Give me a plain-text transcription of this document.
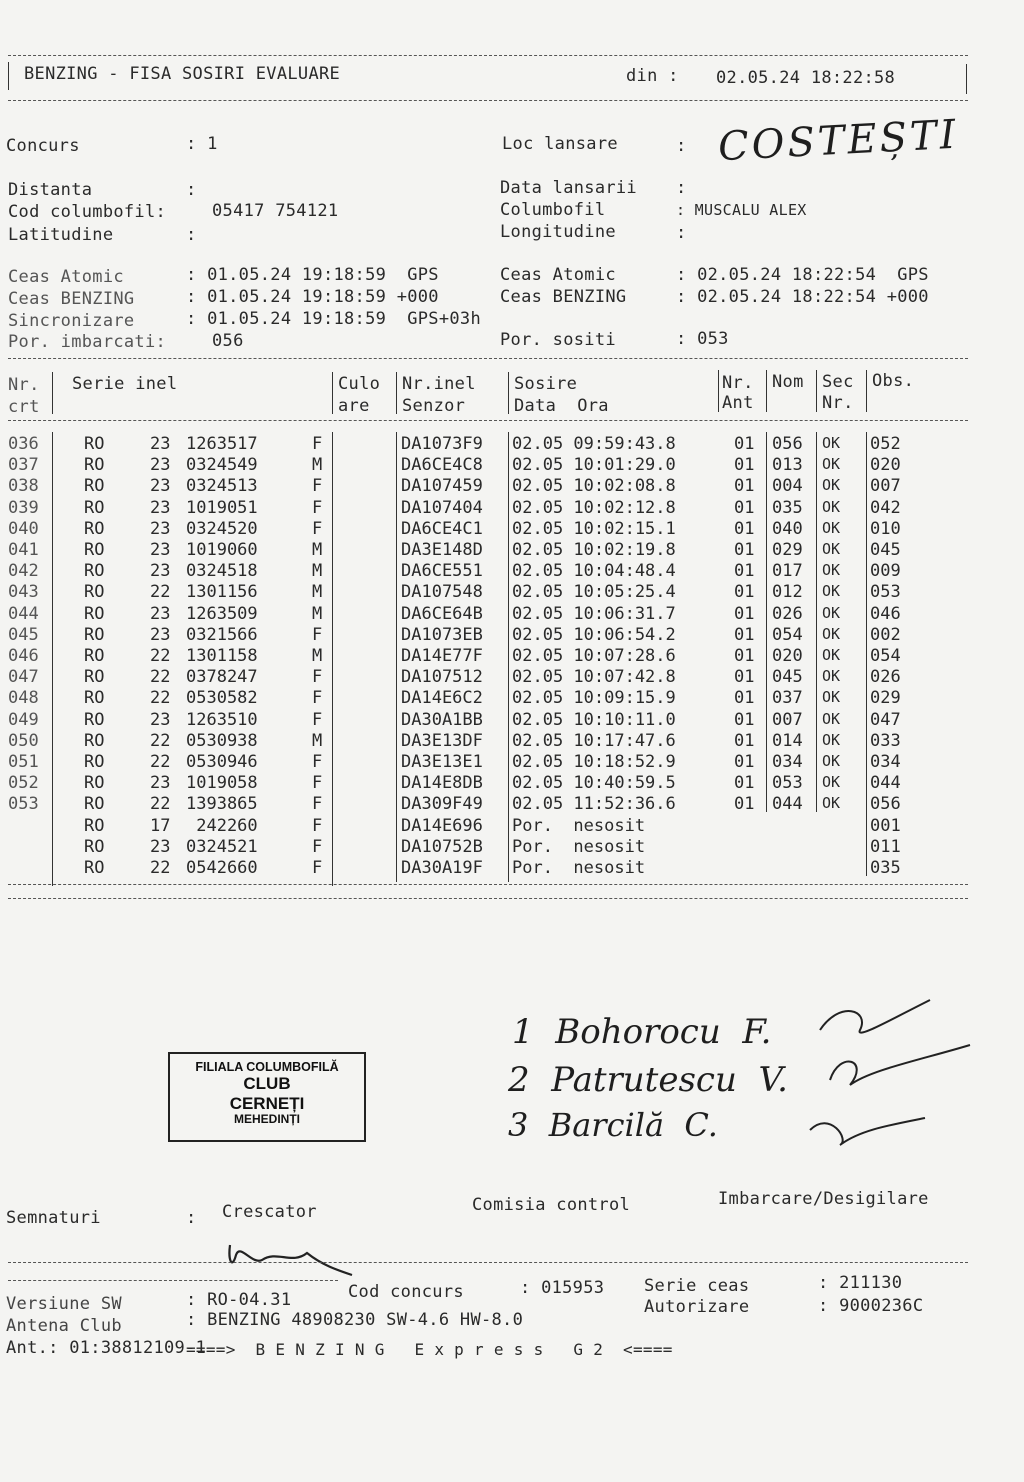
BENZING - FISA SOSIRI EVALUARE	din : 02.05.24 18:22:58
Concurs	: 1	Loc lansare	: COSTEȘTI
Distanta	:
Cod columbofil:	05417 754121
Latitudine	:
Data lansarii :
Columbofil	: MUSCALU ALEX
Longitudine	:
Ceas Atomic	: 01.05.24 19:18:59  GPS
Ceas BENZING	: 01.05.24 19:18:59 +000
Sincronizare	: 01.05.24 19:18:59  GPS+03h
Por. imbarcati:	056
Ceas Atomic	: 02.05.24 18:22:54  GPS
Ceas BENZING	: 02.05.24 18:22:54 +000
Por. sositi	: 053
Nr.
crt
Serie inel	Culo
are
Nr.inel
Senzor
Sosire
Data  Ora
Nr.
Ant
Nom Sec
Nr.
Obs.
036	RO	23 1263517	F	DA1073F9 02.05 09:59:43.8	01 056 OK 052
037	RO	23 0324549	M	DA6CE4C8 02.05 10:01:29.0	01 013 OK 020
038	RO	23 0324513	F	DA107459 02.05 10:02:08.8	01 004 OK 007
039	RO	23 1019051	F	DA107404 02.05 10:02:12.8	01 035 OK 042
040	RO	23 0324520	F	DA6CE4C1 02.05 10:02:15.1	01 040 OK 010
041	RO	23 1019060	M	DA3E148D 02.05 10:02:19.8	01 029 OK 045
042	RO	23 0324518	M	DA6CE551 02.05 10:04:48.4	01 017 OK 009
043	RO	22 1301156	M	DA107548 02.05 10:05:25.4	01 012 OK 053
044	RO	23 1263509	M	DA6CE64B 02.05 10:06:31.7	01 026 OK 046
045	RO	23 0321566	F	DA1073EB 02.05 10:06:54.2	01 054 OK 002
046	RO	22 1301158	M	DA14E77F 02.05 10:07:28.6	01 020 OK 054
047	RO	22 0378247	F	DA107512 02.05 10:07:42.8	01 045 OK 026
048	RO	22 0530582	F	DA14E6C2 02.05 10:09:15.9	01 037 OK 029
049	RO	23 1263510	F	DA30A1BB 02.05 10:10:11.0	01 007 OK 047
050	RO	22 0530938	M	DA3E13DF 02.05 10:17:47.6	01 014 OK 033
051	RO	22 0530946	F	DA3E13E1 02.05 10:18:52.9	01 034 OK 034
052	RO	23 1019058	F	DA14E8DB 02.05 10:40:59.5	01 053 OK 044
053	RO	22 1393865	F	DA309F49 02.05 11:52:36.6	01 044 OK 056
RO	17 242260	F	DA14E696 Por.  nesosit	001
RO	23 0324521	F	DA10752B Por.  nesosit	011
RO	22 0542660	F	DA30A19F Por.  nesosit	035
FILIALA COLUMBOFILĂ
CLUB
CERNEȚI
MEHEDINȚI
1  Bohorocu  F.
2  Patrutescu  V.
3  Barcilă  C.
Semnaturi	: Crescator	Comisia control	Imbarcare/Desigilare
Versiune SW	: RO-04.31	Cod concurs	: 015953 Serie ceas	: 211130
Antena Club	: BENZING 48908230 SW-4.6 HW-8.0
Autorizare	: 9000236C
Ant.: 01:38812109-1
====>  B E N Z I N G   E x p r e s s   G 2  <====
